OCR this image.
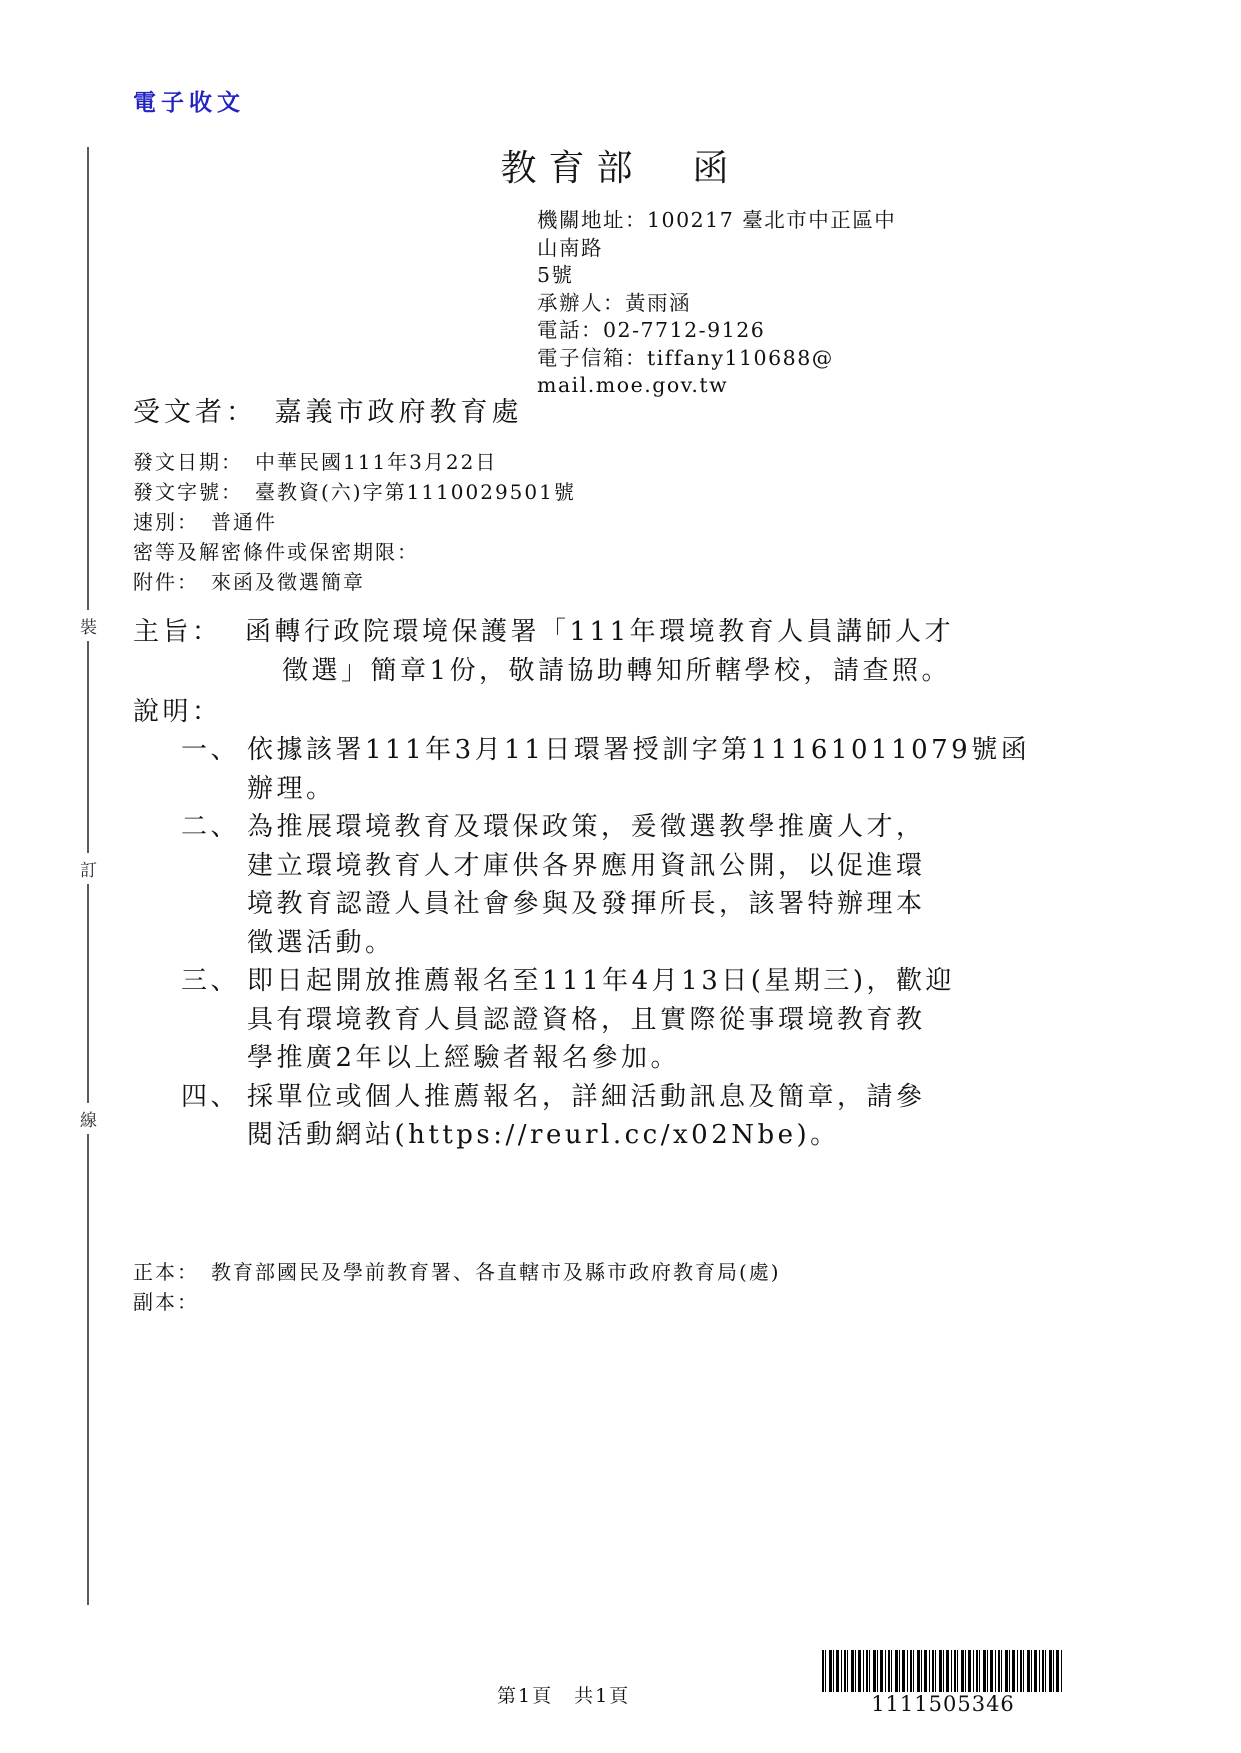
電子收文
裝
訂
線
教育部　函
機關地址：100217 臺北市中正區中山南路
5號
承辦人：黃雨涵
電話：02-7712-9126
電子信箱：tiffany110688@
mail.moe.gov.tw
受文者：　嘉義市政府教育處
發文日期：　中華民國111年3月22日
發文字號：　臺教資(六)字第1110029501號
速別：　普通件
密等及解密條件或保密期限：
附件：　來函及徵選簡章
主旨： 函轉行政院環境保護署「111年環境教育人員講師人才
徵選」簡章1份，敬請協助轉知所轄學校，請查照。
說明：
一、 依據該署111年3月11日環署授訓字第11161011079號函
辦理。
二、 為推展環境教育及環保政策，爰徵選教學推廣人才，
建立環境教育人才庫供各界應用資訊公開，以促進環
境教育認證人員社會參與及發揮所長，該署特辦理本
徵選活動。
三、 即日起開放推薦報名至111年4月13日(星期三)，歡迎
具有環境教育人員認證資格，且實際從事環境教育教
學推廣2年以上經驗者報名參加。
四、 採單位或個人推薦報名，詳細活動訊息及簡章，請參
閱活動網站(https://reurl.cc/x02Nbe)。
正本：　教育部國民及學前教育署、各直轄市及縣市政府教育局(處)
副本：
第1頁　共1頁	1111505346
